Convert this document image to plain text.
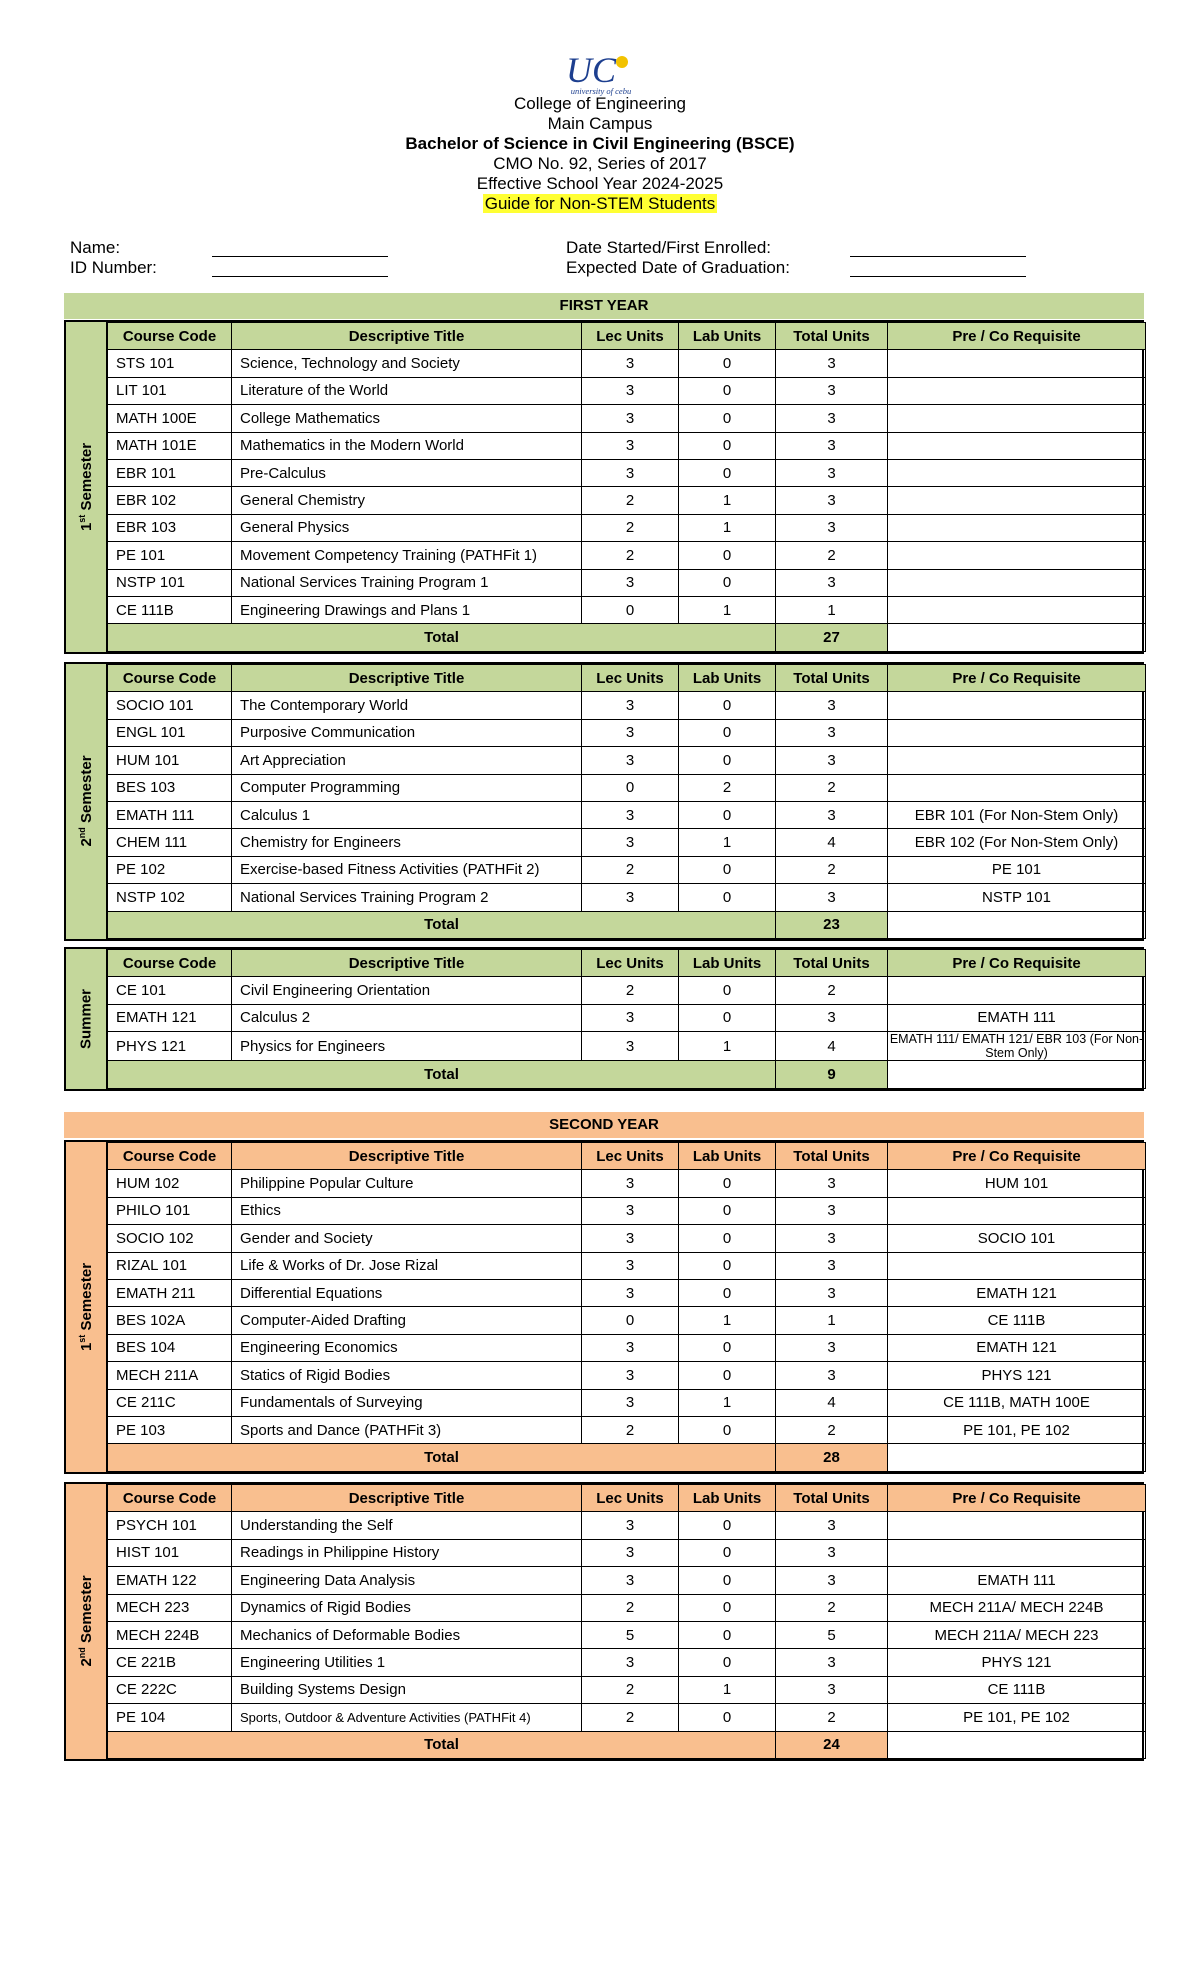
UC
university of cebu
College of Engineering
Main Campus
Bachelor of Science in Civil Engineering (BSCE)
CMO No. 92, Series of 2017
Effective School Year 2024-2025
Guide for Non-STEM Students
Name:
ID Number:
Date Started/First Enrolled:
Expected Date of Graduation:
FIRST YEAR
1st Semester
Course Code	Descriptive Title	Lec Units	Lab Units	Total Units	Pre / Co Requisite
STS 101	Science, Technology and Society	3	0	3	
LIT 101	Literature of the World	3	0	3	
MATH 100E	College Mathematics	3	0	3	
MATH 101E	Mathematics in the Modern World	3	0	3	
EBR 101	Pre-Calculus	3	0	3	
EBR 102	General Chemistry	2	1	3	
EBR 103	General Physics	2	1	3	
PE 101	Movement Competency Training (PATHFit 1)	2	0	2	
NSTP 101	National Services Training Program 1	3	0	3	
CE 111B	Engineering Drawings and Plans 1	0	1	1	
Total				27	
2nd Semester
Course Code	Descriptive Title	Lec Units	Lab Units	Total Units	Pre / Co Requisite
SOCIO 101	The Contemporary World	3	0	3	
ENGL 101	Purposive Communication	3	0	3	
HUM 101	Art Appreciation	3	0	3	
BES 103	Computer Programming	0	2	2	
EMATH 111	Calculus 1	3	0	3	EBR 101 (For Non-Stem Only)
CHEM 111	Chemistry for Engineers	3	1	4	EBR 102 (For Non-Stem Only)
PE 102	Exercise-based Fitness Activities (PATHFit 2)	2	0	2	PE 101
NSTP 102	National Services Training Program 2	3	0	3	NSTP 101
Total				23	
Summer
Course Code	Descriptive Title	Lec Units	Lab Units	Total Units	Pre / Co Requisite
CE 101	Civil Engineering Orientation	2	0	2	
EMATH 121	Calculus 2	3	0	3	EMATH 111
PHYS 121	Physics for Engineers	3	1	4	EMATH 111/ EMATH 121/ EBR 103 (For Non-Stem Only)
Total				9	
SECOND YEAR
1st Semester
Course Code	Descriptive Title	Lec Units	Lab Units	Total Units	Pre / Co Requisite
HUM 102	Philippine Popular Culture	3	0	3	HUM 101
PHILO 101	Ethics	3	0	3	
SOCIO 102	Gender and Society	3	0	3	SOCIO 101
RIZAL 101	Life & Works of Dr. Jose Rizal	3	0	3	
EMATH 211	Differential Equations	3	0	3	EMATH 121
BES 102A	Computer-Aided Drafting	0	1	1	CE 111B
BES 104	Engineering Economics	3	0	3	EMATH 121
MECH 211A	Statics of Rigid Bodies	3	0	3	PHYS 121
CE 211C	Fundamentals of Surveying	3	1	4	CE 111B, MATH 100E
PE 103	Sports and Dance (PATHFit 3)	2	0	2	PE 101, PE 102
Total				28	
2nd Semester
Course Code	Descriptive Title	Lec Units	Lab Units	Total Units	Pre / Co Requisite
PSYCH 101	Understanding the Self	3	0	3	
HIST 101	Readings in Philippine History	3	0	3	
EMATH 122	Engineering Data Analysis	3	0	3	EMATH 111
MECH 223	Dynamics of Rigid Bodies	2	0	2	MECH 211A/ MECH 224B
MECH 224B	Mechanics of Deformable Bodies	5	0	5	MECH 211A/ MECH 223
CE 221B	Engineering Utilities 1	3	0	3	PHYS 121
CE 222C	Building Systems Design	2	1	3	CE 111B
PE 104	Sports, Outdoor & Adventure Activities (PATHFit 4)	2	0	2	PE 101, PE 102
Total				24	
